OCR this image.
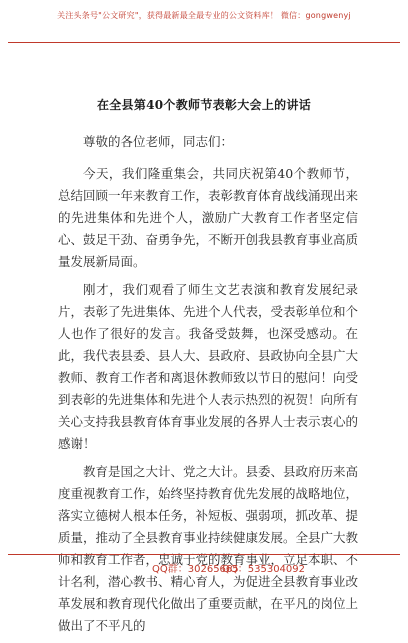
关注头条号"公文研究"，获得最新最全最专业的公文资料库！ 微信：gongwenyj
在全县第40个教师节表彰大会上的讲话

尊敬的各位老师，同志们：

今天，我们隆重集会，共同庆祝第40个教师节，总结回顾一年来教育工作，表彰教育体育战线涌现出来的先进集体和先进个人，激励广大教育工作者坚定信心、鼓足干劲、奋勇争先，不断开创我县教育事业高质量发展新局面。

刚才，我们观看了师生文艺表演和教育发展纪录片，表彰了先进集体、先进个人代表，受表彰单位和个人也作了很好的发言。我备受鼓舞，也深受感动。在此，我代表县委、县人大、县政府、县政协向全县广大教师、教育工作者和离退休教师致以节日的慰问！向受到表彰的先进集体和先进个人表示热烈的祝贺！向所有关心支持我县教育体育事业发展的各界人士表示衷心的感谢！

教育是国之大计、党之大计。县委、县政府历来高度重视教育工作，始终坚持教育优先发展的战略地位，落实立德树人根本任务，补短板、强弱项，抓改革、提质量，推动了全县教育事业持续健康发展。全县广大教师和教育工作者，忠诚于党的教育事业，立足本职、不计名利，潜心教书、精心育人，为促进全县教育事业改革发展和教育现代化做出了重要贡献，在平凡的岗位上做出了不平凡的

QQ群：30265665
QQ：535304092
